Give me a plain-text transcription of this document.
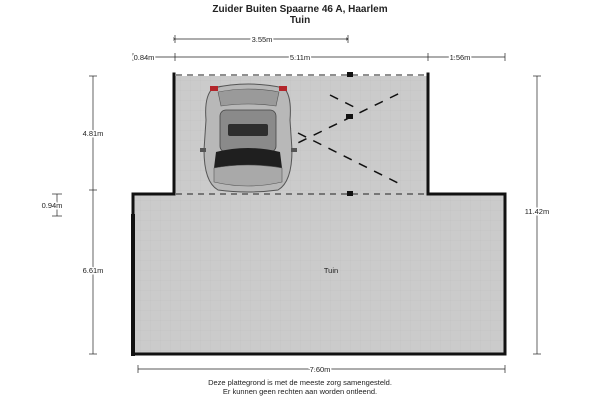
Zuider Buiten Spaarne 46 A, Haarlem
Tuin
3.55m
0.84m	5.11m	1.56m
4.81m
0.94m
6.61m
11.42m
7.60m
Tuin
Deze plattegrond is met de meeste zorg samengesteld.
Er kunnen geen rechten aan worden ontleend.
